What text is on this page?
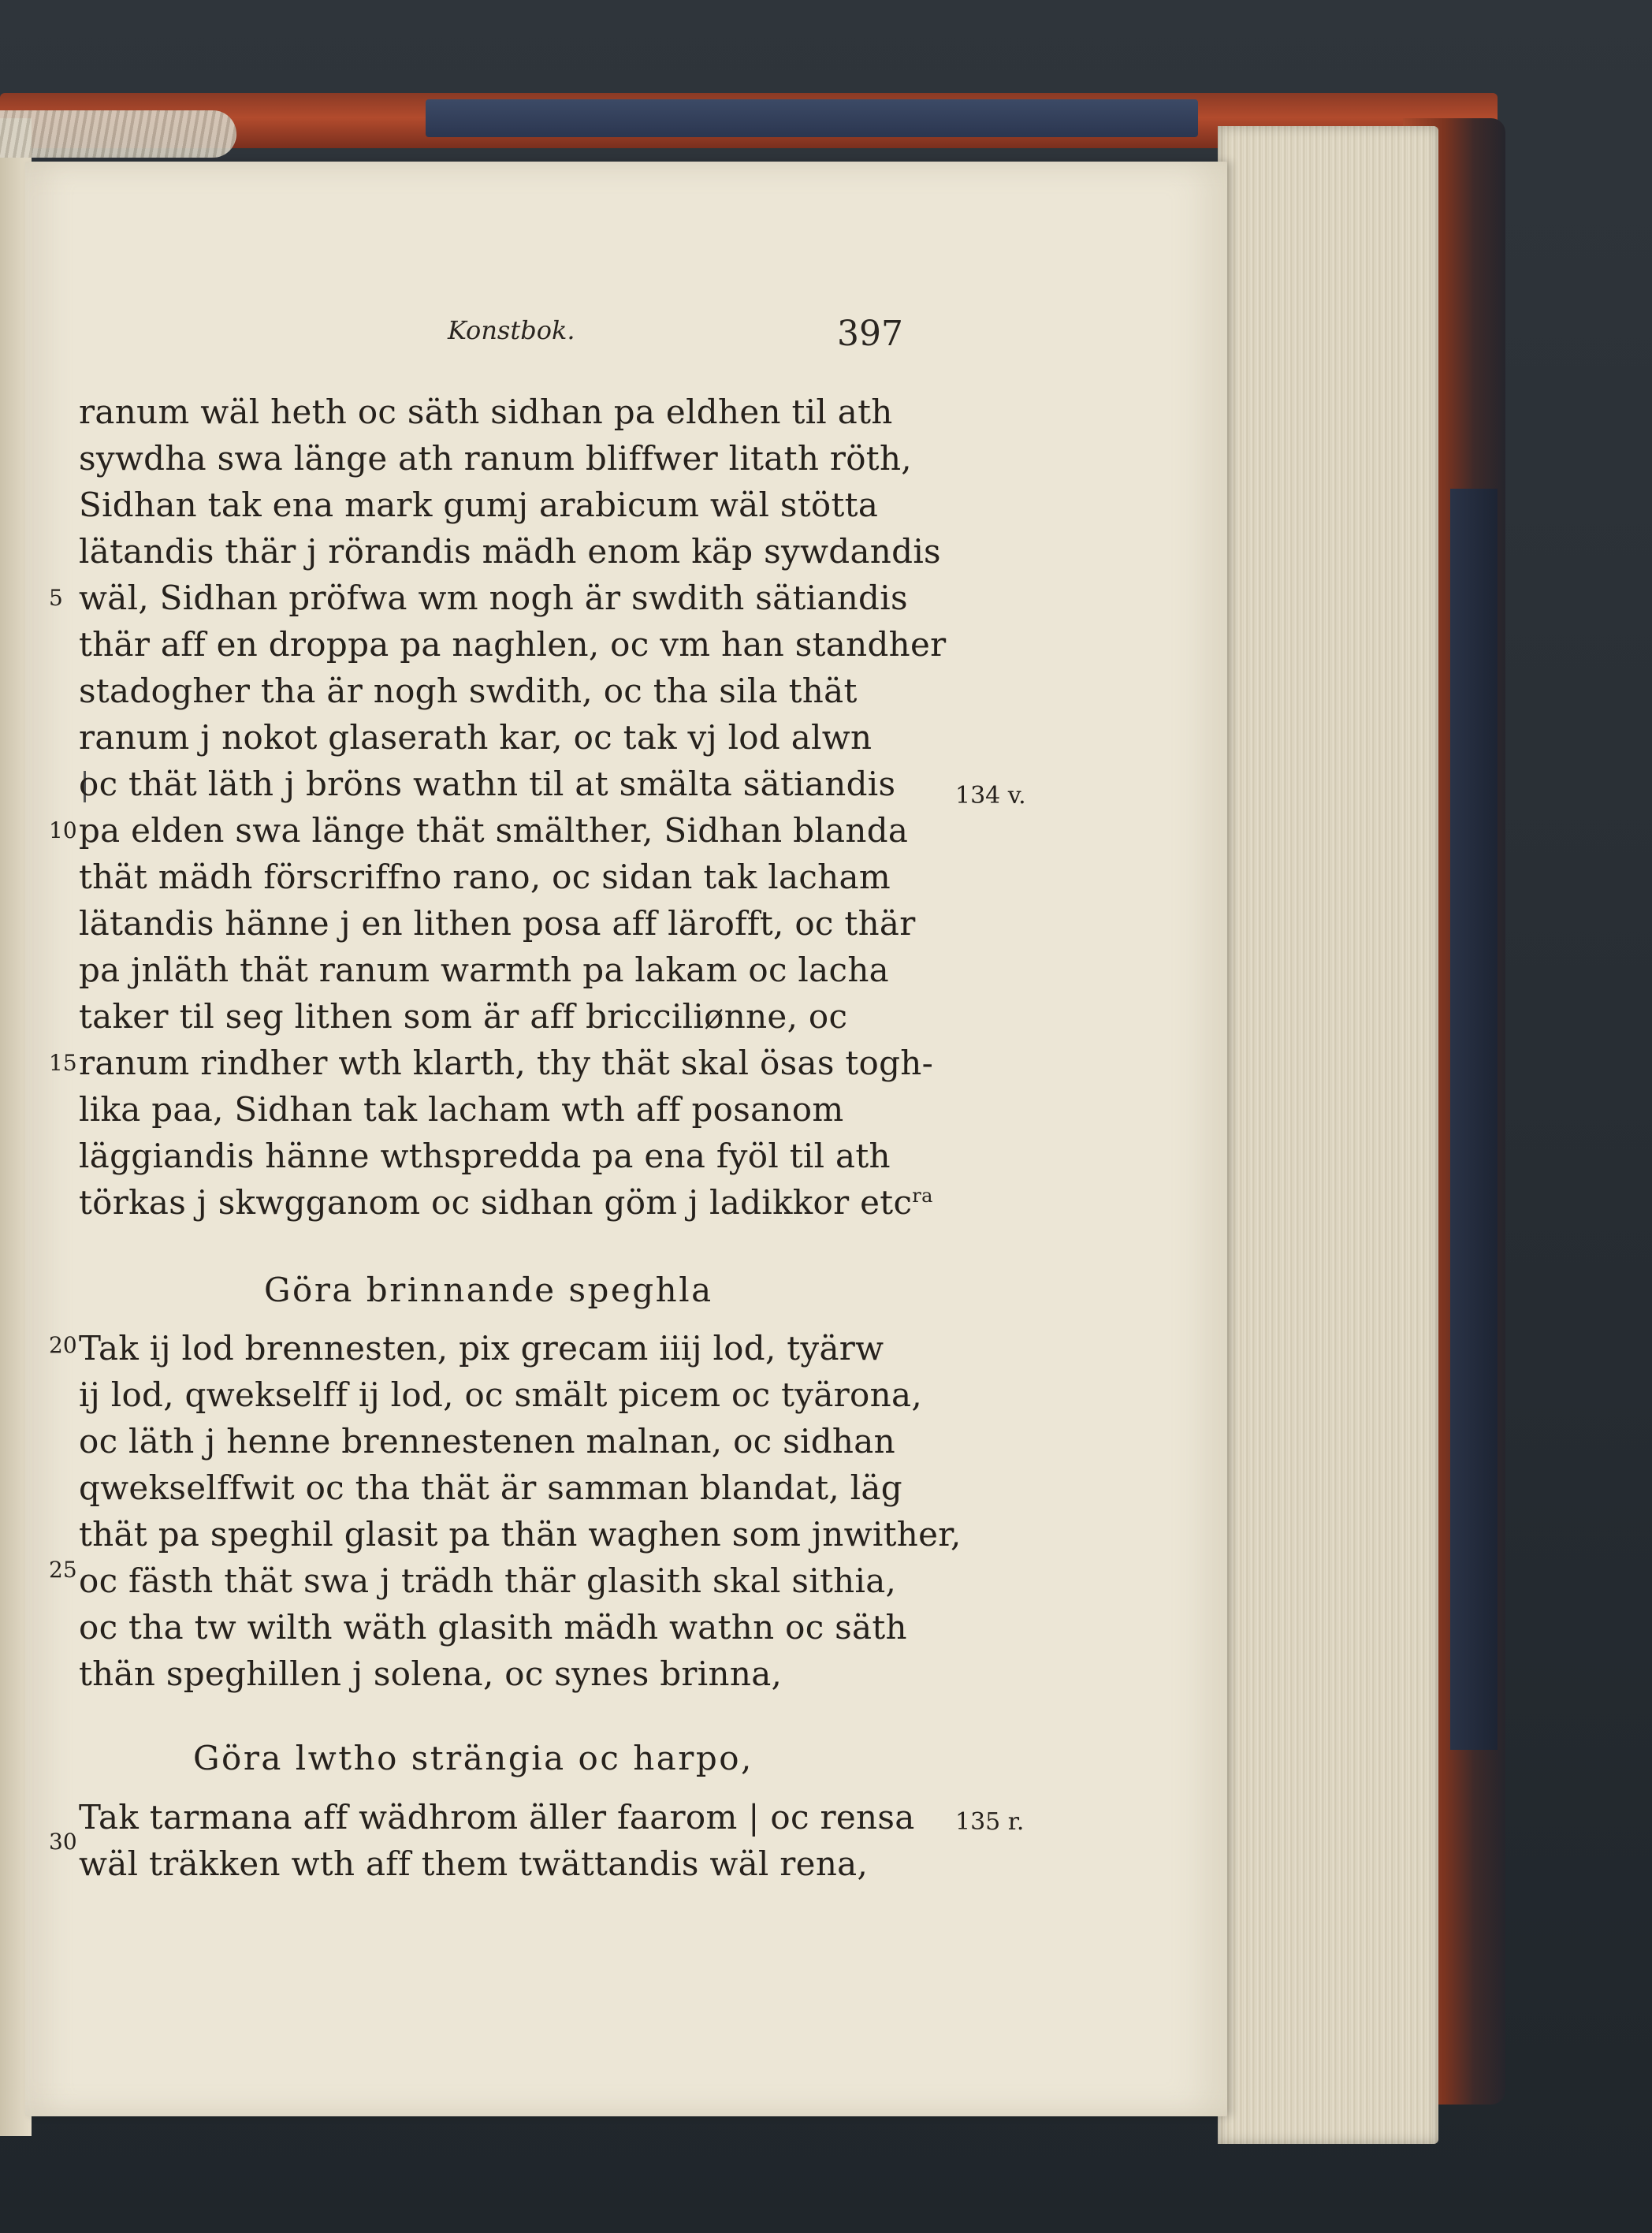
Konstbok.	397
ranum wäl heth oc säth sidhan pa eldhen til ath
sywdha swa länge ath ranum bliffwer litath röth,
Sidhan tak ena mark gumj arabicum wäl stötta
lätandis thär j rörandis mädh enom käp sywdandis
wäl, Sidhan pröfwa wm nogh är swdith sätiandis
thär aff en droppa pa naghlen, oc vm han standher
stadogher tha är nogh swdith, oc tha sila thät
ranum j nokot glaserath kar, oc tak vj lod alwn
oc thät läth j bröns wathn til at smälta sätiandis
pa elden swa länge thät smälther, Sidhan blanda
thät mädh förscriffno rano, oc sidan tak lacham
lätandis hänne j en lithen posa aff lärofft, oc thär
pa jnläth thät ranum warmth pa lakam oc lacha
taker til seg lithen som är aff bricciliønne, oc
ranum rindher wth klarth, thy thät skal ösas togh-
lika paa, Sidhan tak lacham wth aff posanom
läggiandis hänne wthspredda pa ena fyöl til ath
törkas j skwgganom oc sidhan göm j ladikkor etc$^{ra}$
Göra brinnande speghla
Tak ij lod brennesten, pix grecam iiij lod, tyärw
ij lod, qwekselff ij lod, oc smält picem oc tyärona,
oc läth j henne brennestenen malnan, oc sidhan
qwekselffwit oc tha thät är samman blandat, läg
thät pa speghil glasit pa thän waghen som jnwither,
oc fästh thät swa j trädh thär glasith skal sithia,
oc tha tw wilth wäth glasith mädh wathn oc säth
thän speghillen j solena, oc synes brinna,
Göra lwtho strängia oc harpo,
Tak tarmana aff wädhrom äller faarom | oc rensa
wäl träkken wth aff them twättandis wäl rena,
5
10
15
20
25
30
134 v.
135 r.
